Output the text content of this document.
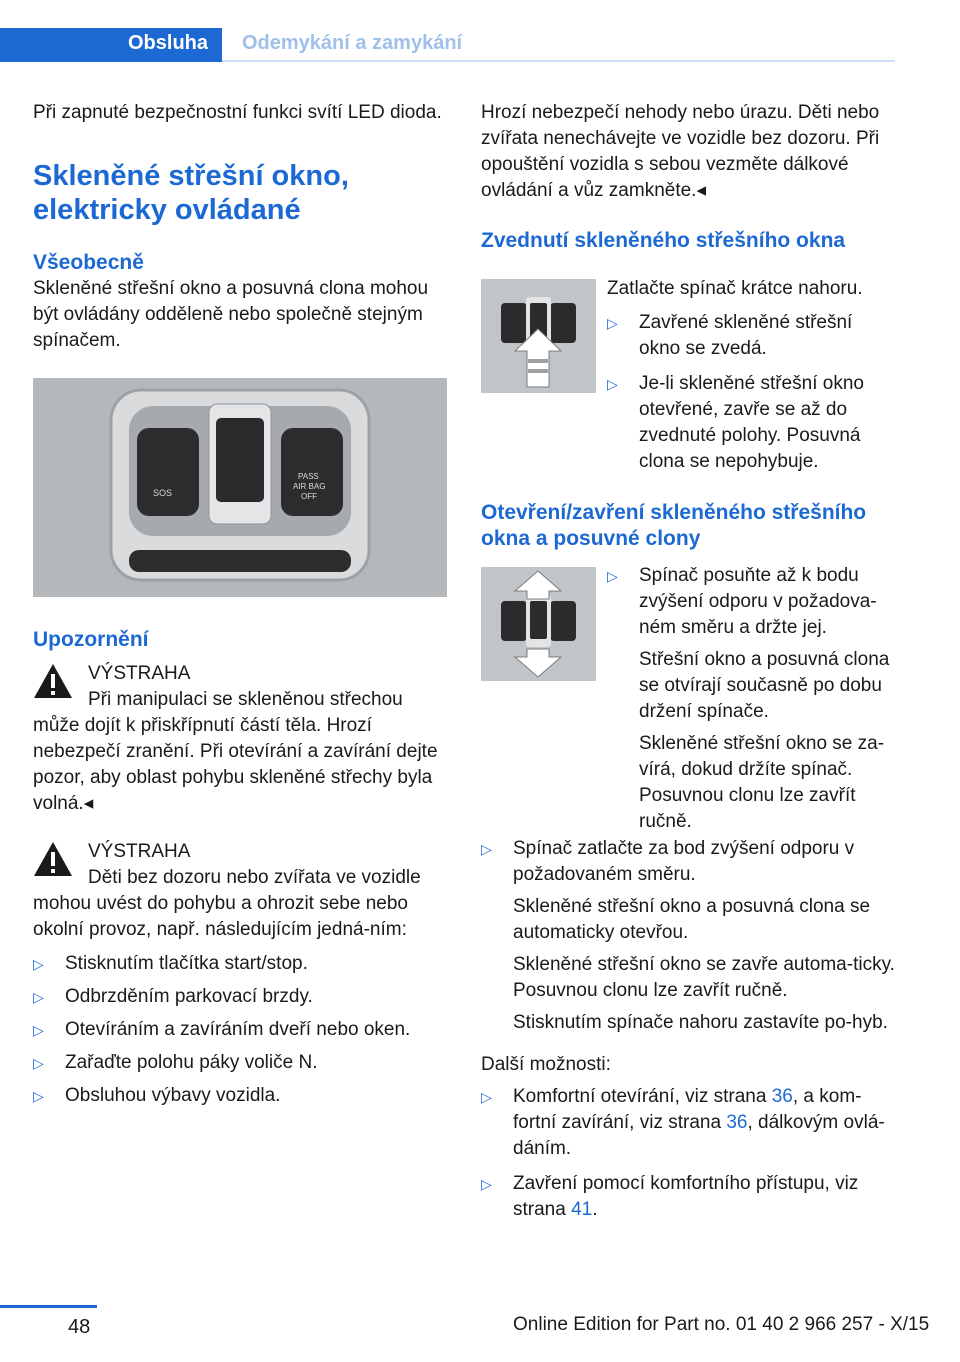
Obsluha Odemykání a zamykání

Při zapnuté bezpečnostní funkci svítí LED dioda.

Skleněné střešní okno, elektricky ovládané
Všeobecně

Skleněné střešní okno a posuvná clona mohou být ovládány odděleně nebo společně stejným spínačem.

SOS
PASS
AIR BAG
OFF
Upozornění

VÝSTRAHA

Při manipulaci se skleněnou střechou může dojít k přiskřípnutí částí těla. Hrozí nebezpečí zranění. Při otevírání a zavírání dejte pozor, aby oblast pohybu skleněné střechy byla volná.◂

VÝSTRAHA

Děti bez dozoru nebo zvířata ve vozidle mohou uvést do pohybu a ohrozit sebe nebo okolní provoz, např. následujícím jedná-ním:

▷ Stisknutím tlačítka start/stop.
▷ Odbrzděním parkovací brzdy.
▷ Otevíráním a zavíráním dveří nebo oken.
▷ Zařaďte polohu páky voliče N.
▷ Obsluhou výbavy vozidla.

Hrozí nebezpečí nehody nebo úrazu. Děti nebo zvířata nenechávejte ve vozidle bez dozoru. Při opouštění vozidla s sebou vezměte dálkové ovládání a vůz zamkněte.◂

Zvednutí skleněného střešního okna

Zatlačte spínač krátce nahoru.

▷ Zavřené skleněné střešní okno se zvedá.
▷ Je-li skleněné střešní okno otevřené, zavře se až do zvednuté polohy. Posuvná clona se nepohybuje.
Otevření/zavření skleněného střešního okna a posuvné clony
▷ Spínač posuňte až k bodu zvýšení odporu v požadova-ném směru a držte jej.

Střešní okno a posuvná clona se otvírají současně po dobu držení spínače.

Skleněné střešní okno se za-vírá, dokud držíte spínač. Posuvnou clonu lze zavřít ručně.

▷ Spínač zatlačte za bod zvýšení odporu v požadovaném směru.

Skleněné střešní okno a posuvná clona se automaticky otevřou.

Skleněné střešní okno se zavře automa-ticky. Posuvnou clonu lze zavřít ručně.

Stisknutím spínače nahoru zastavíte po-hyb.

Další možnosti:

▷ Komfortní otevírání, viz strana 36, a kom-fortní zavírání, viz strana 36, dálkovým ovlá-dáním.
▷ Zavření pomocí komfortního přístupu, viz strana 41.
48	Online Edition for Part no. 01 40 2 966 257 - X/15
